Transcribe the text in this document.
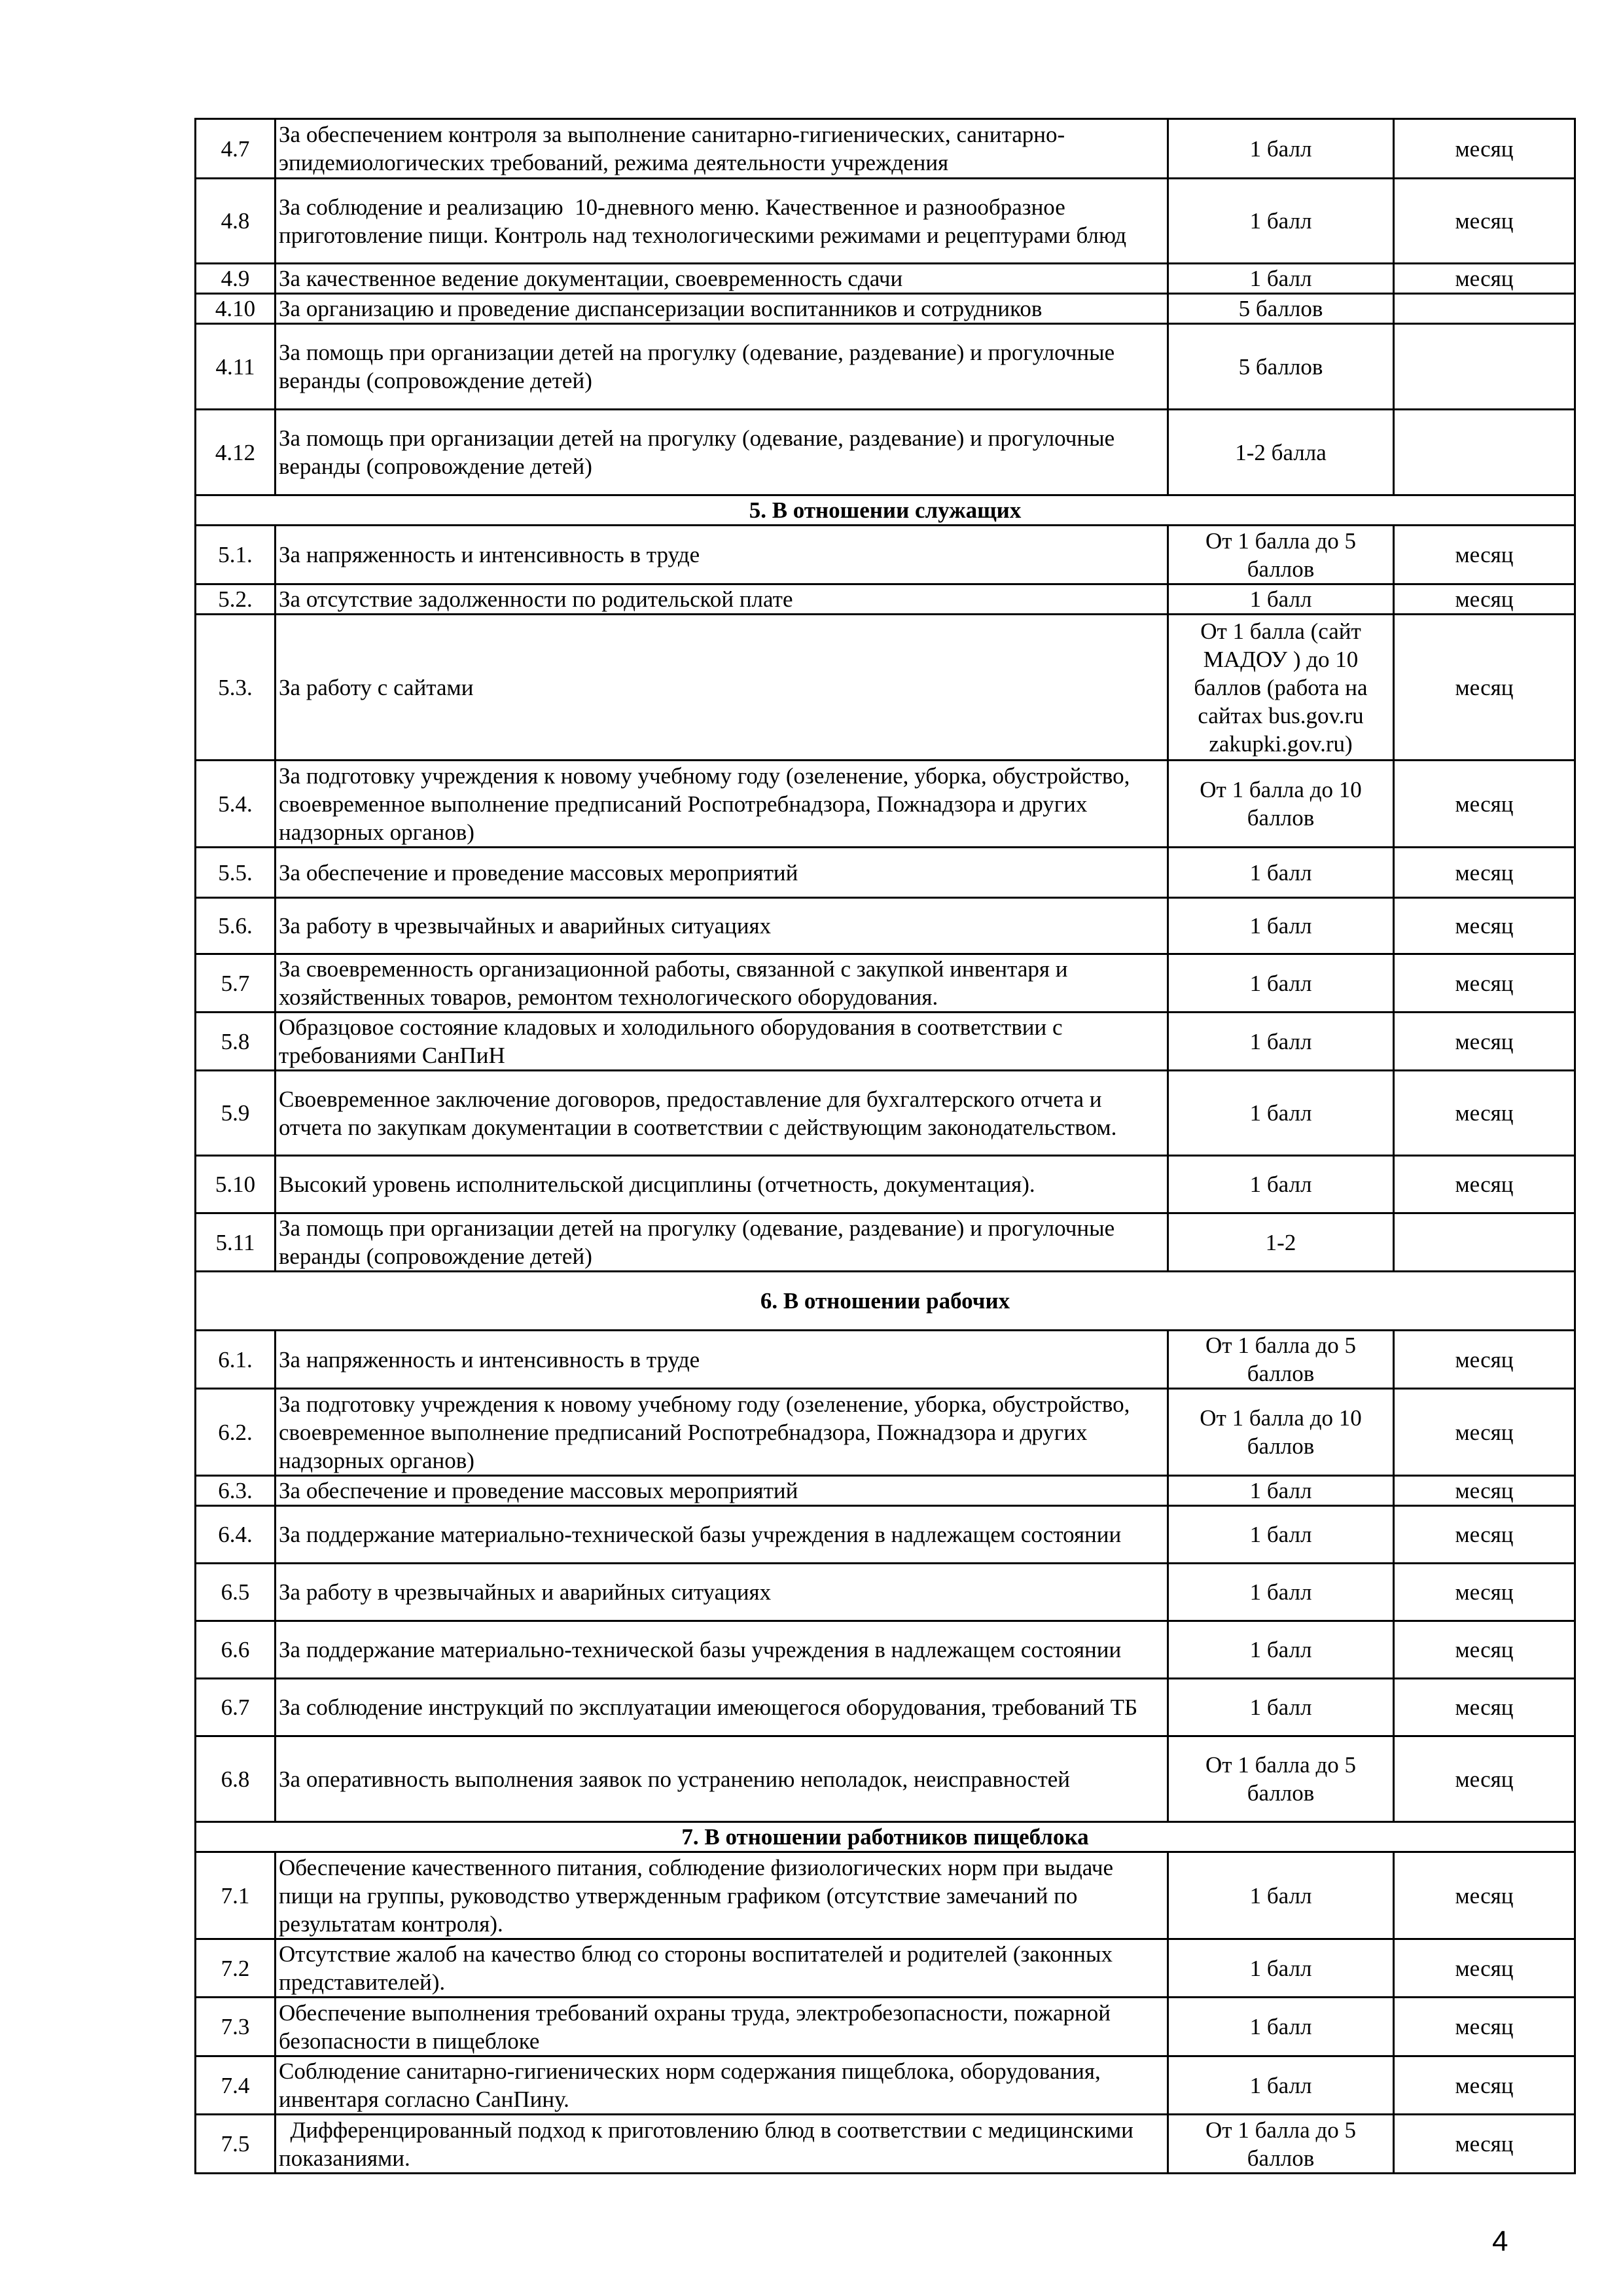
4.7	За обеспечением контроля за выполнение санитарно-гигиенических, санитарно-эпидемиологических требований, режима деятельности учреждения	1 балл	месяц
4.8	За соблюдение и реализацию  10-дневного меню. Качественное и разнообразное приготовление пищи. Контроль над технологическими режимами и рецептурами блюд	1 балл	месяц
4.9	За качественное ведение документации, своевременность сдачи	1 балл	месяц
4.10	За организацию и проведение диспансеризации воспитанников и сотрудников	5 баллов	
4.11	За помощь при организации детей на прогулку (одевание, раздевание) и прогулочные веранды (сопровождение детей)	5 баллов	
4.12	За помощь при организации детей на прогулку (одевание, раздевание) и прогулочные веранды (сопровождение детей)	1-2 балла	
5. В отношении служащих			
5.1.	За напряженность и интенсивность в труде	От 1 балла до 5 баллов	месяц
5.2.	За отсутствие задолженности по родительской плате	1 балл	месяц
5.3.	За работу с сайтами	От 1 балла (сайт МАДОУ ) до 10 баллов (работа на сайтах bus.gov.ru zakupki.gov.ru)	месяц
5.4.	За подготовку учреждения к новому учебному году (озеленение, уборка, обустройство, своевременное выполнение предписаний Роспотребнадзора, Пожнадзора и других надзорных органов)	От 1 балла до 10 баллов	месяц
5.5.	За обеспечение и проведение массовых мероприятий	1 балл	месяц
5.6.	За работу в чрезвычайных и аварийных ситуациях	1 балл	месяц
5.7	За своевременность организационной работы, связанной с закупкой инвентаря и хозяйственных товаров, ремонтом технологического оборудования.	1 балл	месяц
5.8	Образцовое состояние кладовых и холодильного оборудования в соответствии с требованиями СанПиН	1 балл	месяц
5.9	Своевременное заключение договоров, предоставление для бухгалтерского отчета и отчета по закупкам документации в соответствии с действующим законодательством.	1 балл	месяц
5.10	Высокий уровень исполнительской дисциплины (отчетность, документация).	1 балл	месяц
5.11	За помощь при организации детей на прогулку (одевание, раздевание) и прогулочные веранды (сопровождение детей)	1-2	
6. В отношении рабочих			
6.1.	За напряженность и интенсивность в труде	От 1 балла до 5 баллов	месяц
6.2.	За подготовку учреждения к новому учебному году (озеленение, уборка, обустройство, своевременное выполнение предписаний Роспотребнадзора, Пожнадзора и других надзорных органов)	От 1 балла до 10 баллов	месяц
6.3.	За обеспечение и проведение массовых мероприятий	1 балл	месяц
6.4.	За поддержание материально-технической базы учреждения в надлежащем состоянии	1 балл	месяц
6.5	За работу в чрезвычайных и аварийных ситуациях	1 балл	месяц
6.6	За поддержание материально-технической базы учреждения в надлежащем состоянии	1 балл	месяц
6.7	За соблюдение инструкций по эксплуатации имеющегося оборудования, требований ТБ	1 балл	месяц
6.8	За оперативность выполнения заявок по устранению неполадок, неисправностей	От 1 балла до 5 баллов	месяц
7. В отношении работников пищеблока			
7.1	Обеспечение качественного питания, соблюдение физиологических норм при выдаче пищи на группы, руководство утвержденным графиком (отсутствие замечаний по результатам контроля).	1 балл	месяц
7.2	Отсутствие жалоб на качество блюд со стороны воспитателей и родителей (законных представителей).	1 балл	месяц
7.3	Обеспечение выполнения требований охраны труда, электробезопасности, пожарной безопасности в пищеблоке	1 балл	месяц
7.4	Соблюдение санитарно-гигиенических норм содержания пищеблока, оборудования, инвентаря согласно СанПину.	1 балл	месяц
7.5	Дифференцированный подход к приготовлению блюд в соответствии с медицинскими показаниями.	От 1 балла до 5 баллов	месяц
4
